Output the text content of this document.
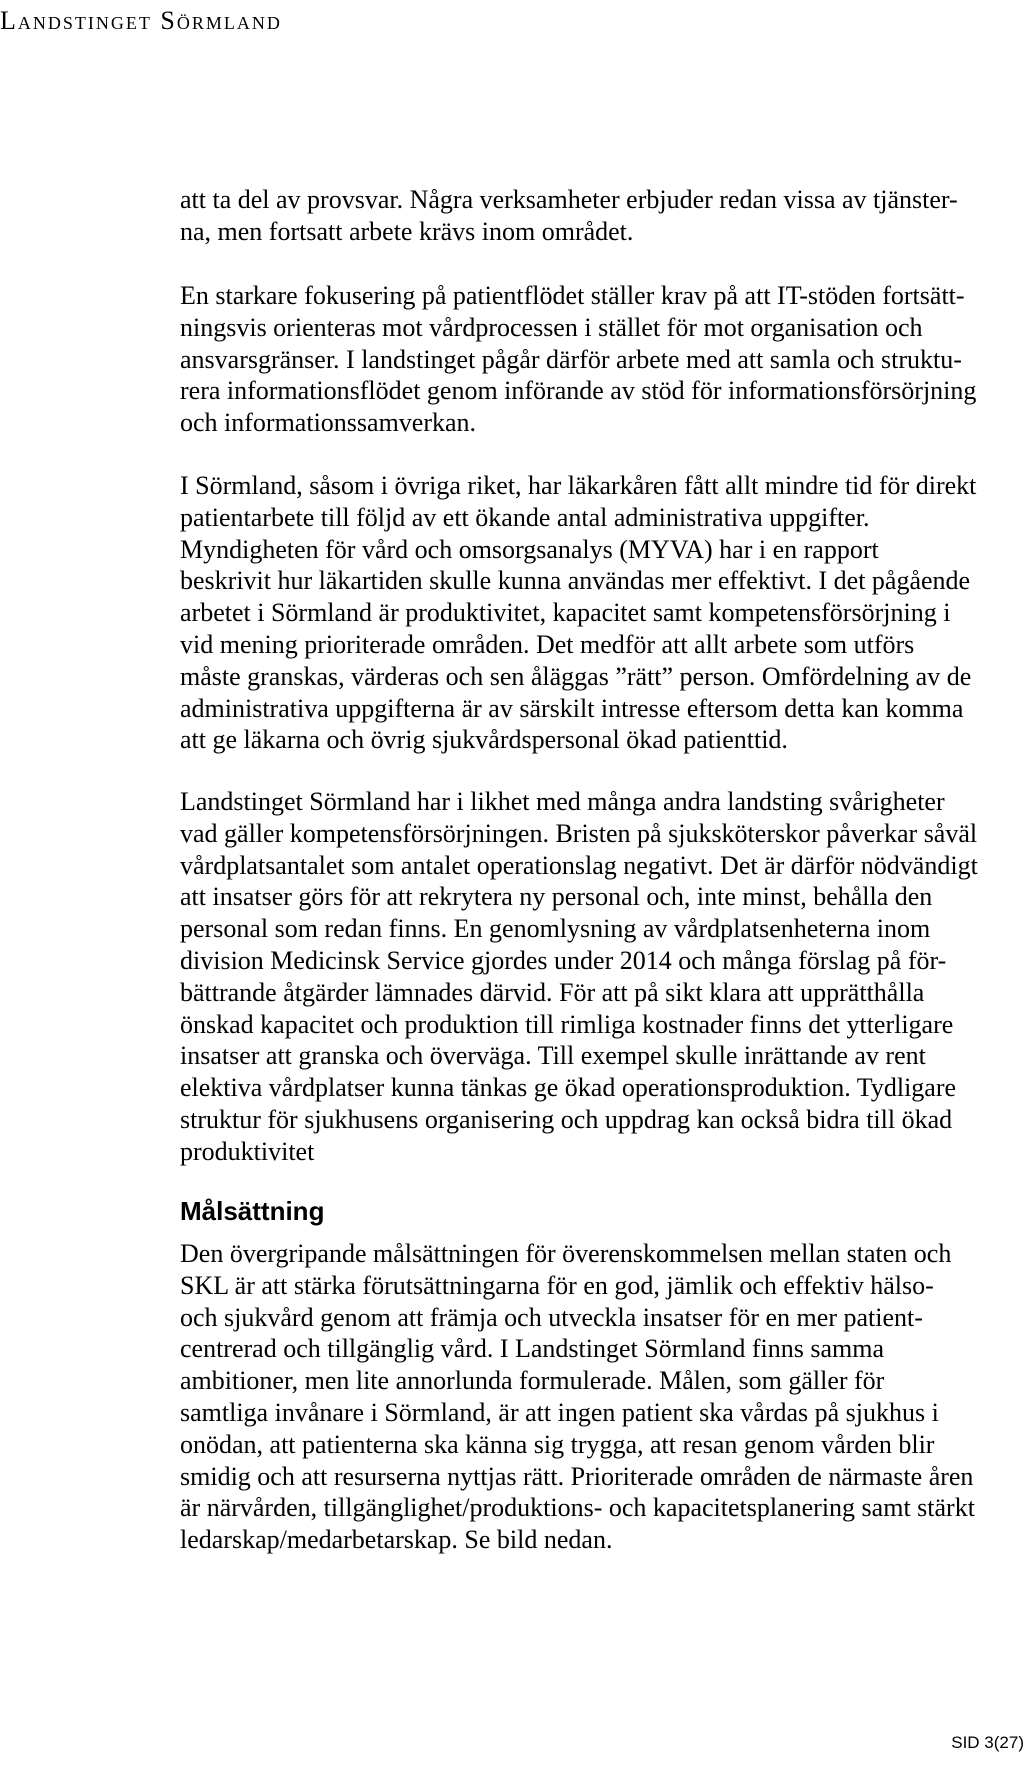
Landstinget Sörmland
att ta del av provsvar. Några verksamheter erbjuder redan vissa av tjänster-
na, men fortsatt arbete krävs inom området.
En starkare fokusering på patientflödet ställer krav på att IT-stöden fortsätt-
ningsvis orienteras mot vårdprocessen i stället för mot organisation och
ansvarsgränser. I landstinget pågår därför arbete med att samla och struktu-
rera informationsflödet genom införande av stöd för informationsförsörjning
och informationssamverkan.
I Sörmland, såsom i övriga riket, har läkarkåren fått allt mindre tid för direkt
patientarbete till följd av ett ökande antal administrativa uppgifter.
Myndigheten för vård och omsorgsanalys (MYVA) har i en rapport
beskrivit hur läkartiden skulle kunna användas mer effektivt. I det pågående
arbetet i Sörmland är produktivitet, kapacitet samt kompetensförsörjning i
vid mening prioriterade områden. Det medför att allt arbete som utförs
måste granskas, värderas och sen åläggas ”rätt” person. Omfördelning av de
administrativa uppgifterna är av särskilt intresse eftersom detta kan komma
att ge läkarna och övrig sjukvårdspersonal ökad patienttid.
Landstinget Sörmland har i likhet med många andra landsting svårigheter
vad gäller kompetensförsörjningen. Bristen på sjuksköterskor påverkar såväl
vårdplatsantalet som antalet operationslag negativt. Det är därför nödvändigt
att insatser görs för att rekrytera ny personal och, inte minst, behålla den
personal som redan finns. En genomlysning av vårdplatsenheterna inom
division Medicinsk Service gjordes under 2014 och många förslag på för-
bättrande åtgärder lämnades därvid. För att på sikt klara att upprätthålla
önskad kapacitet och produktion till rimliga kostnader finns det ytterligare
insatser att granska och överväga. Till exempel skulle inrättande av rent
elektiva vårdplatser kunna tänkas ge ökad operationsproduktion. Tydligare
struktur för sjukhusens organisering och uppdrag kan också bidra till ökad
produktivitet
Målsättning
Den övergripande målsättningen för överenskommelsen mellan staten och
SKL är att stärka förutsättningarna för en god, jämlik och effektiv hälso-
och sjukvård genom att främja och utveckla insatser för en mer patient-
centrerad och tillgänglig vård. I Landstinget Sörmland finns samma
ambitioner, men lite annorlunda formulerade. Målen, som gäller för
samtliga invånare i Sörmland, är att ingen patient ska vårdas på sjukhus i
onödan, att patienterna ska känna sig trygga, att resan genom vården blir
smidig och att resurserna nyttjas rätt. Prioriterade områden de närmaste åren
är närvården, tillgänglighet/produktions- och kapacitetsplanering samt stärkt
ledarskap/medarbetarskap. Se bild nedan.
SID 3(27)
